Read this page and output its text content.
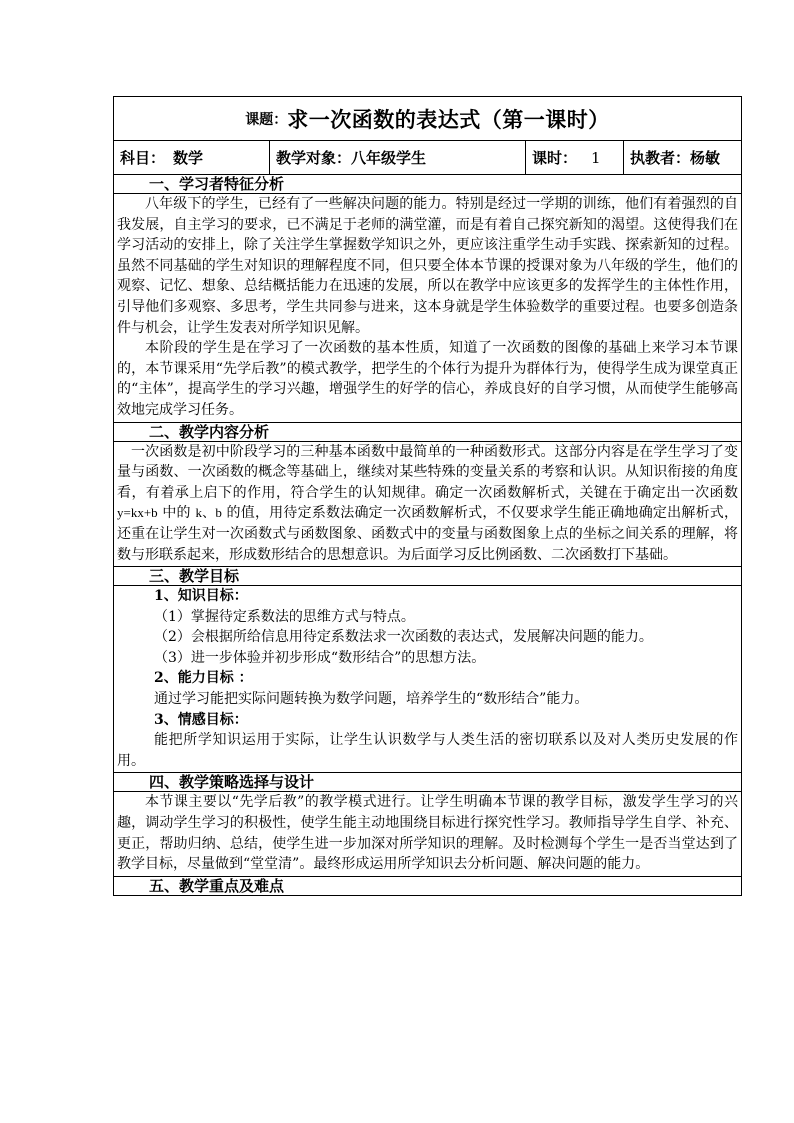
课题： 求一次函数的表达式（第一课时）
科目： 数学	教学对象： 八年级学生	课时： 1 执教者： 杨敏
一、学习者特征分析

八年级下的学生，已经有了一些解决问题的能力。特别是经过一学期的训练，他们有着强烈的自我发展，自主学习的要求，已不满足于老师的满堂灌，而是有着自己探究新知的渴望。这使得我们在学习活动的安排上，除了关注学生掌握数学知识之外，更应该注重学生动手实践、探索新知的过程。虽然不同基础的学生对知识的理解程度不同，但只要全体本节课的授课对象为八年级的学生，他们的观察、记忆、想象、总结概括能力在迅速的发展，所以在教学中应该更多的发挥学生的主体性作用，引导他们多观察、多思考，学生共同参与进来，这本身就是学生体验数学的重要过程。也要多创造条件与机会，让学生发表对所学知识见解。

本阶段的学生是在学习了一次函数的基本性质，知道了一次函数的图像的基础上来学习本节课的，本节课采用“先学后教”的模式教学，把学生的个体行为提升为群体行为，使得学生成为课堂真正的“主体”，提高学生的学习兴趣，增强学生的好学的信心，养成良好的自学习惯，从而使学生能够高效地完成学习任务。

二、教学内容分析

一次函数是初中阶段学习的三种基本函数中最简单的一种函数形式。这部分内容是在学生学习了变量与函数、一次函数的概念等基础上，继续对某些特殊的变量关系的考察和认识。从知识衔接的角度看，有着承上启下的作用，符合学生的认知规律。确定一次函数解析式，关键在于确定出一次函数 y=kx+b 中的 k、b 的值，用待定系数法确定一次函数解析式，不仅要求学生能正确地确定出解析式，还重在让学生对一次函数式与函数图象、函数式中的变量与函数图象上点的坐标之间关系的理解，将数与形联系起来，形成数形结合的思想意识。为后面学习反比例函数、二次函数打下基础。

三、教学目标

1、知识目标：

（1）掌握待定系数法的思维方式与特点。

（2）会根据所给信息用待定系数法求一次函数的表达式，发展解决问题的能力。

（3）进一步体验并初步形成“数形结合”的思想方法。

2、能力目标 ：

通过学习能把实际问题转换为数学问题，培养学生的“数形结合”能力。

3、情感目标：

能把所学知识运用于实际，让学生认识数学与人类生活的密切联系以及对人类历史发展的作用。

四、教学策略选择与设计

本节课主要以“先学后教”的教学模式进行。让学生明确本节课的教学目标，激发学生学习的兴趣，调动学生学习的积极性，使学生能主动地围绕目标进行探究性学习。教师指导学生自学、补充、更正，帮助归纳、总结，使学生进一步加深对所学知识的理解。及时检测每个学生一是否当堂达到了教学目标，尽量做到“堂堂清”。最终形成运用所学知识去分析问题、解决问题的能力。

五、教学重点及难点
